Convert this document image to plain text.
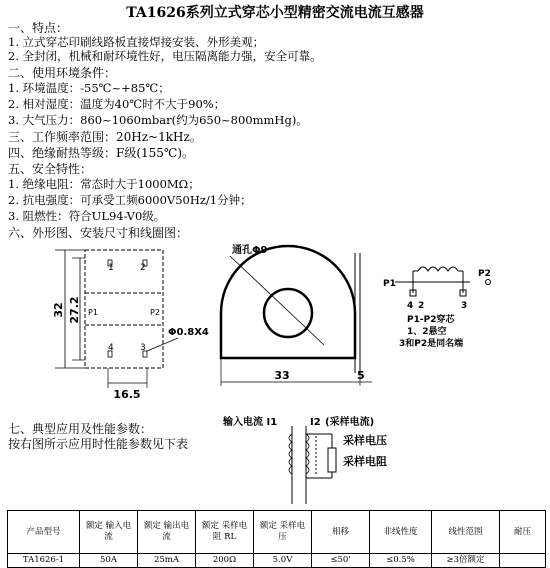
TA1626系列立式穿芯小型精密交流电流互感器
一、特点：
1. 立式穿芯印刷线路板直接焊接安装、外形美观；
2. 全封闭，机械和耐环境性好，电压隔离能力强，安全可靠。
二、使用环境条件：
1. 环境温度：-55℃~+85℃；
2. 相对湿度：温度为40℃时不大于90%；
3. 大气压力：860~1060mbar(约为650~800mmHg)。
三、工作频率范围：20Hz~1kHz。
四、绝缘耐热等级：F级(155℃)。
五、安全特性：
1. 绝缘电阻：常态时大于1000MΩ；
2. 抗电强度：可承受工频6000V50Hz/1分钟；
3. 阻燃性：符合UL94-V0级。
六、外形图、安装尺寸和线圈图：
1	2
4	3
P1	P2
32 27.2
16.5
Φ0.8X4
通孔Φ9
33	5
P1
P2
4 2	3
P1-P2穿芯
1、2悬空
3和P2是同名端
七、典型应用及性能参数：
按右图所示应用时性能参数见下表
输入电流 I1	I2 (采样电流)
采样电压
采样电阻
产品型号	额定 输入电流	额定 输出电流	额定 采样电阻 RL	额定 采样电压	相移	非线性度	线性范围	耐压
TA1626-1	50A	25mA	200Ω	5.0V	≤50'	≤0.5%	≥3倍额定	
